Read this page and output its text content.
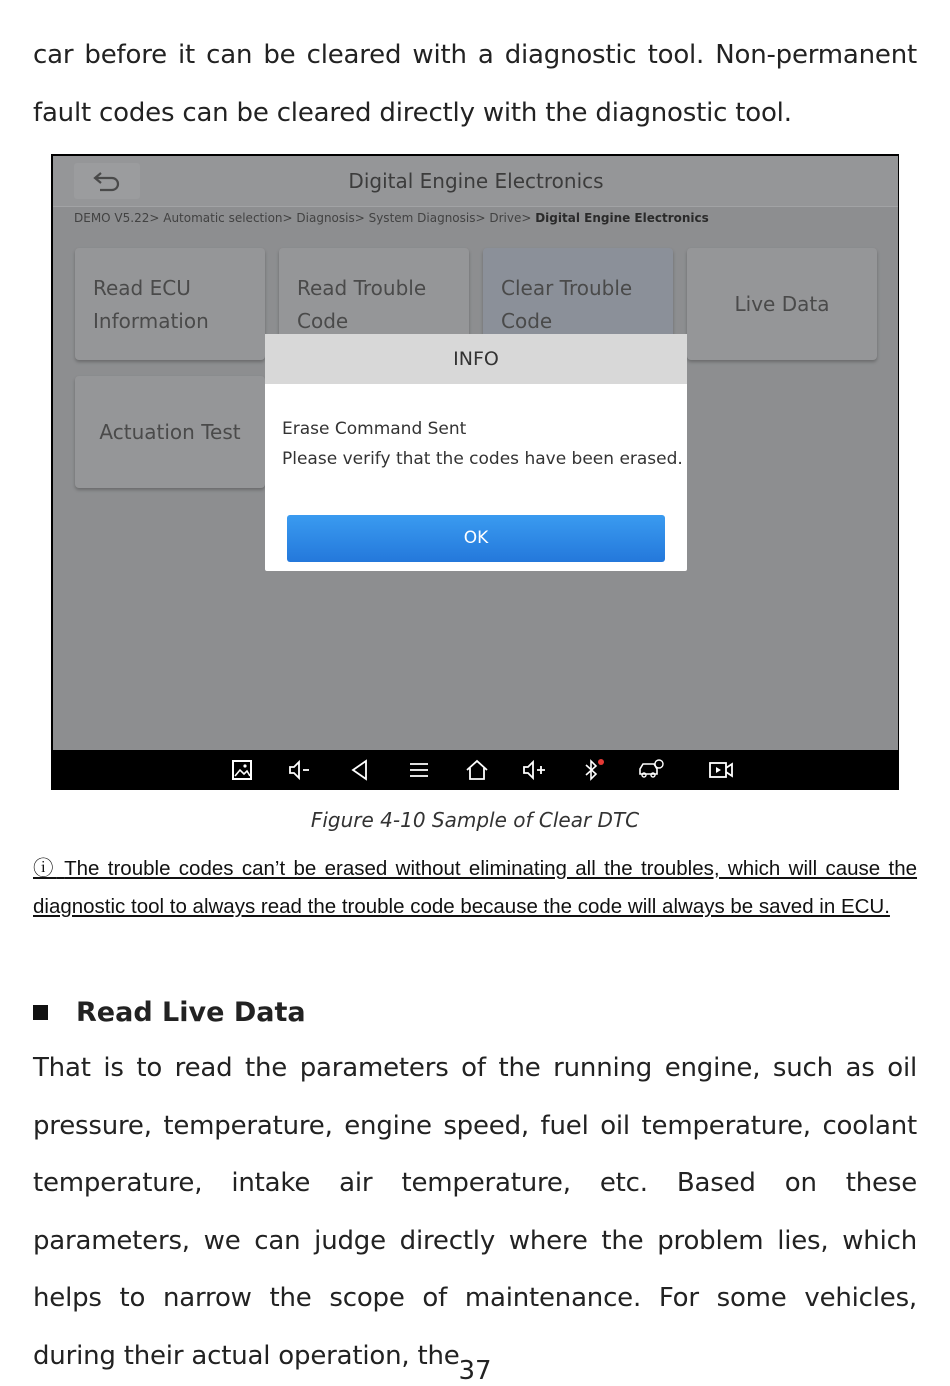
car before it can be cleared with a diagnostic tool. Non-permanent fault codes can be cleared directly with the diagnostic tool.

Digital Engine Electronics
DEMO V5.22> Automatic selection> Diagnosis> System Diagnosis> Drive> Digital Engine Electronics
Read ECU Information
Read Trouble Code
Clear Trouble Code
Live Data
Actuation Test
INFO
Erase Command Sent
Please verify that the codes have been erased.
OK
Figure 4-10 Sample of Clear DTC

ⓘ The trouble codes can’t be erased without eliminating all the troubles, which will cause the diagnostic tool to always read the trouble code because the code will always be saved in ECU.

Read Live Data

That is to read the parameters of the running engine, such as oil pressure, temperature, engine speed, fuel oil temperature, coolant temperature, intake air temperature, etc. Based on these parameters, we can judge directly where the problem lies, which helps to narrow the scope of maintenance. For some vehicles, during their actual operation, the

37
